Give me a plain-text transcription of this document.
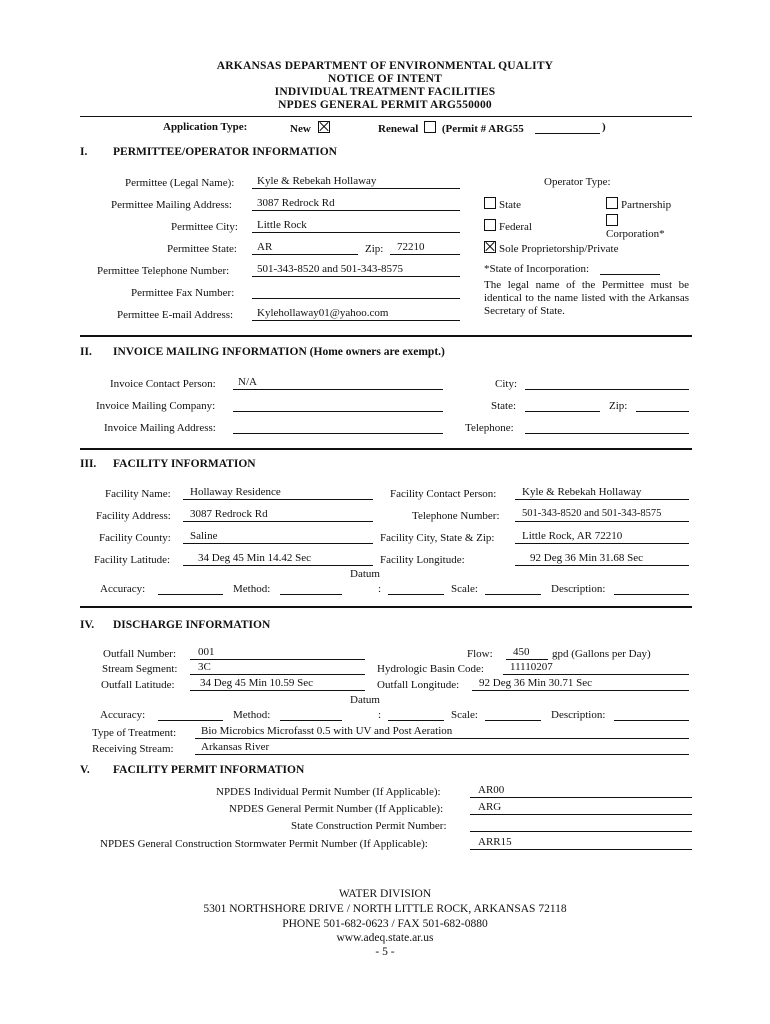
ARKANSAS DEPARTMENT OF ENVIRONMENTAL QUALITY
NOTICE OF INTENT
INDIVIDUAL TREATMENT FACILITIES
NPDES GENERAL PERMIT ARG550000
Application Type:	New	Renewal (Permit # ARG55	)
I. PERMITTEE/OPERATOR INFORMATION
Permittee (Legal Name): Kyle & Rebekah Hollaway
Permittee Mailing Address: 3087 Redrock Rd
Permittee City: Little Rock
Permittee State: AR	Zip: 72210
Permittee Telephone Number:	501-343-8520 and 501-343-8575
Permittee Fax Number:
Permittee E-mail Address: Kylehollaway01@yahoo.com
Operator Type:
State	Partnership
Federal

Corporation*
Sole Proprietorship/Private
*State of Incorporation:
The legal name of the Permittee must be identical to the name listed with the Arkansas Secretary of State.
II. INVOICE MAILING INFORMATION (Home owners are exempt.)
Invoice Contact Person: N/A
Invoice Mailing Company:
Invoice Mailing Address:
City:
State:	Zip:
Telephone:
III. FACILITY INFORMATION
Facility Name: Hollaway Residence	Facility Contact Person: Kyle & Rebekah Hollaway
Facility Address: 3087 Redrock Rd	Telephone Number: 501-343-8520 and 501-343-8575
Facility County: Saline	Facility City, State & Zip:	Little Rock, AR 72210
Facility Latitude:	34 Deg 45 Min 14.42 Sec	Facility Longitude:	92 Deg 36 Min 31.68 Sec
Datum
Accuracy:	Method:	:	Scale:	Description:
IV. DISCHARGE INFORMATION
Outfall Number: 001	Flow: 450 gpd (Gallons per Day)
Stream Segment: 3C	Hydrologic Basin Code: 11110207
Outfall Latitude: 34 Deg 45 Min 10.59 Sec	Outfall Longitude: 92 Deg 36 Min 30.71 Sec
Datum
Accuracy:	Method:	:	Scale:	Description:
Type of Treatment: Bio Microbics Microfasst 0.5 with UV and Post Aeration
Receiving Stream: Arkansas River
V. FACILITY PERMIT INFORMATION
NPDES Individual Permit Number (If Applicable):	AR00
NPDES General Permit Number (If Applicable):	ARG
State Construction Permit Number:
NPDES General Construction Stormwater Permit Number (If Applicable):	ARR15
WATER DIVISION
5301 NORTHSHORE DRIVE / NORTH LITTLE ROCK, ARKANSAS 72118
PHONE 501-682-0623 / FAX 501-682-0880
www.adeq.state.ar.us
- 5 -
